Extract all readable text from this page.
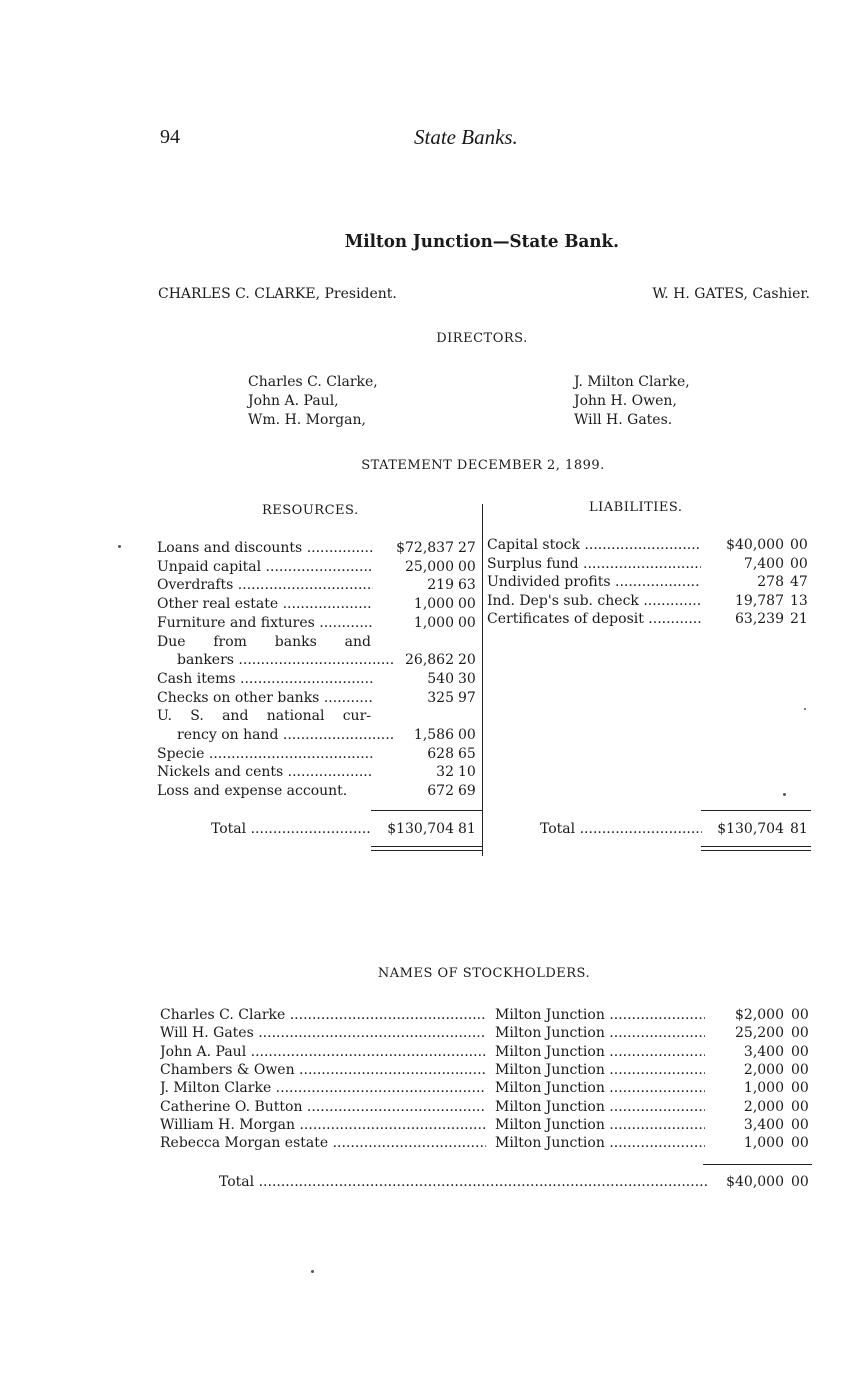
94	State Banks.
Milton Junction—State Bank.
CHARLES C. CLARKE, President.	W. H. GATES, Cashier.
DIRECTORS.
Charles C. Clarke,
John A. Paul,
Wm. H. Morgan,
J. Milton Clarke,
John H. Owen,
Will H. Gates.
STATEMENT DECEMBER 2, 1899.
RESOURCES.	LIABILITIES.
Loans and discounts .....	$72,837 27
Unpaid capital .....	25,000 00
Overdrafts .....	219 63
Other real estate .....	1,000 00
Furniture and fixtures .....	1,000 00
Due from banks and
bankers .....	26,862 20
Cash items .....	540 30
Checks on other banks .....	325 97
U. S. and national cur-
rency on hand .....	1,586 00
Specie .....	628 65
Nickels and cents .....	32 10
Loss and expense account.	672 69
Capital stock .....	$40,000 00
Surplus fund .....	7,400 00
Undivided profits .....	278 47
Ind. Dep's sub. check .....	19,787 13
Certificates of deposit .....	63,239 21
Total .....	$130,704 81	Total .....	$130,704 81
NAMES OF STOCKHOLDERS.
Charles C. Clarke .....	Milton Junction .....	$2,000 00
Will H. Gates .....	Milton Junction .....	25,200 00
John A. Paul .....	Milton Junction .....	3,400 00
Chambers & Owen .....	Milton Junction .....	2,000 00
J. Milton Clarke .....	Milton Junction .....	1,000 00
Catherine O. Button .....	Milton Junction .....	2,000 00
William H. Morgan .....	Milton Junction .....	3,400 00
Rebecca Morgan estate .....	Milton Junction .....	1,000 00
Total .....	$40,000 00
